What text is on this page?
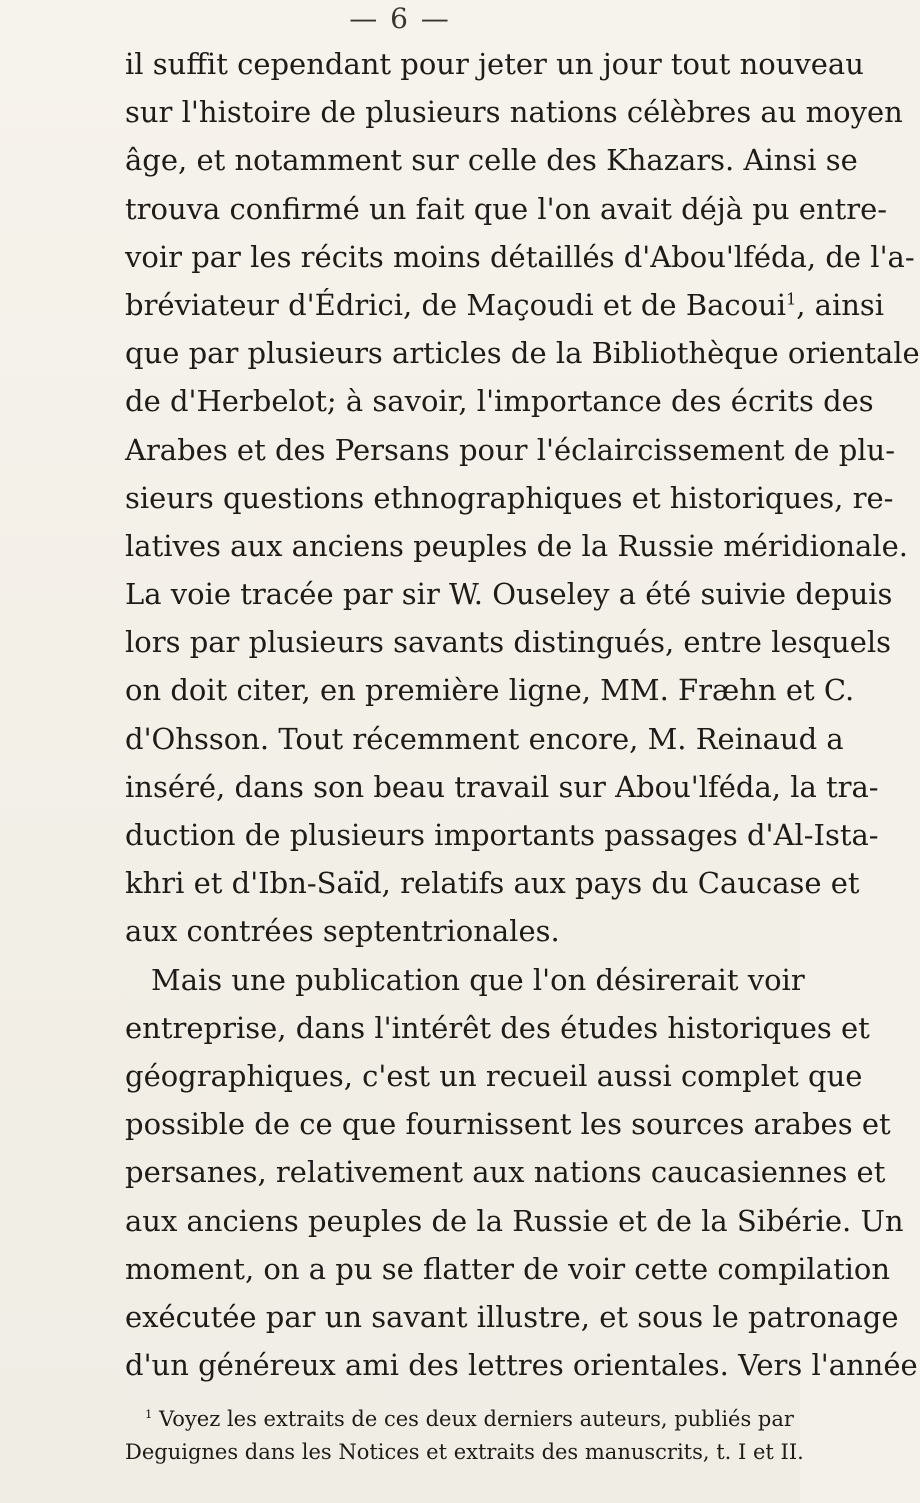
— 6 —
il suffit cependant pour jeter un jour tout nouveau
sur l'histoire de plusieurs nations célèbres au moyen
âge, et notamment sur celle des Khazars. Ainsi se
trouva confirmé un fait que l'on avait déjà pu entre-
voir par les récits moins détaillés d'Abou'lféda, de l'a-
bréviateur d'Édrici, de Maçoudi et de Bacoui$^1$, ainsi
que par plusieurs articles de la Bibliothèque orientale
de d'Herbelot; à savoir, l'importance des écrits des
Arabes et des Persans pour l'éclaircissement de plu-
sieurs questions ethnographiques et historiques, re-
latives aux anciens peuples de la Russie méridionale.
La voie tracée par sir W. Ouseley a été suivie depuis
lors par plusieurs savants distingués, entre lesquels
on doit citer, en première ligne, MM. Fræhn et C.
d'Ohsson. Tout récemment encore, M. Reinaud a
inséré, dans son beau travail sur Abou'lféda, la tra-
duction de plusieurs importants passages d'Al-Ista-
khri et d'Ibn-Saïd, relatifs aux pays du Caucase et
aux contrées septentrionales.
Mais une publication que l'on désirerait voir
entreprise, dans l'intérêt des études historiques et
géographiques, c'est un recueil aussi complet que
possible de ce que fournissent les sources arabes et
persanes, relativement aux nations caucasiennes et
aux anciens peuples de la Russie et de la Sibérie. Un
moment, on a pu se flatter de voir cette compilation
exécutée par un savant illustre, et sous le patronage
d'un généreux ami des lettres orientales. Vers l'année
$^1$ Voyez les extraits de ces deux derniers auteurs, publiés par
Deguignes dans les Notices et extraits des manuscrits, t. I et II.
